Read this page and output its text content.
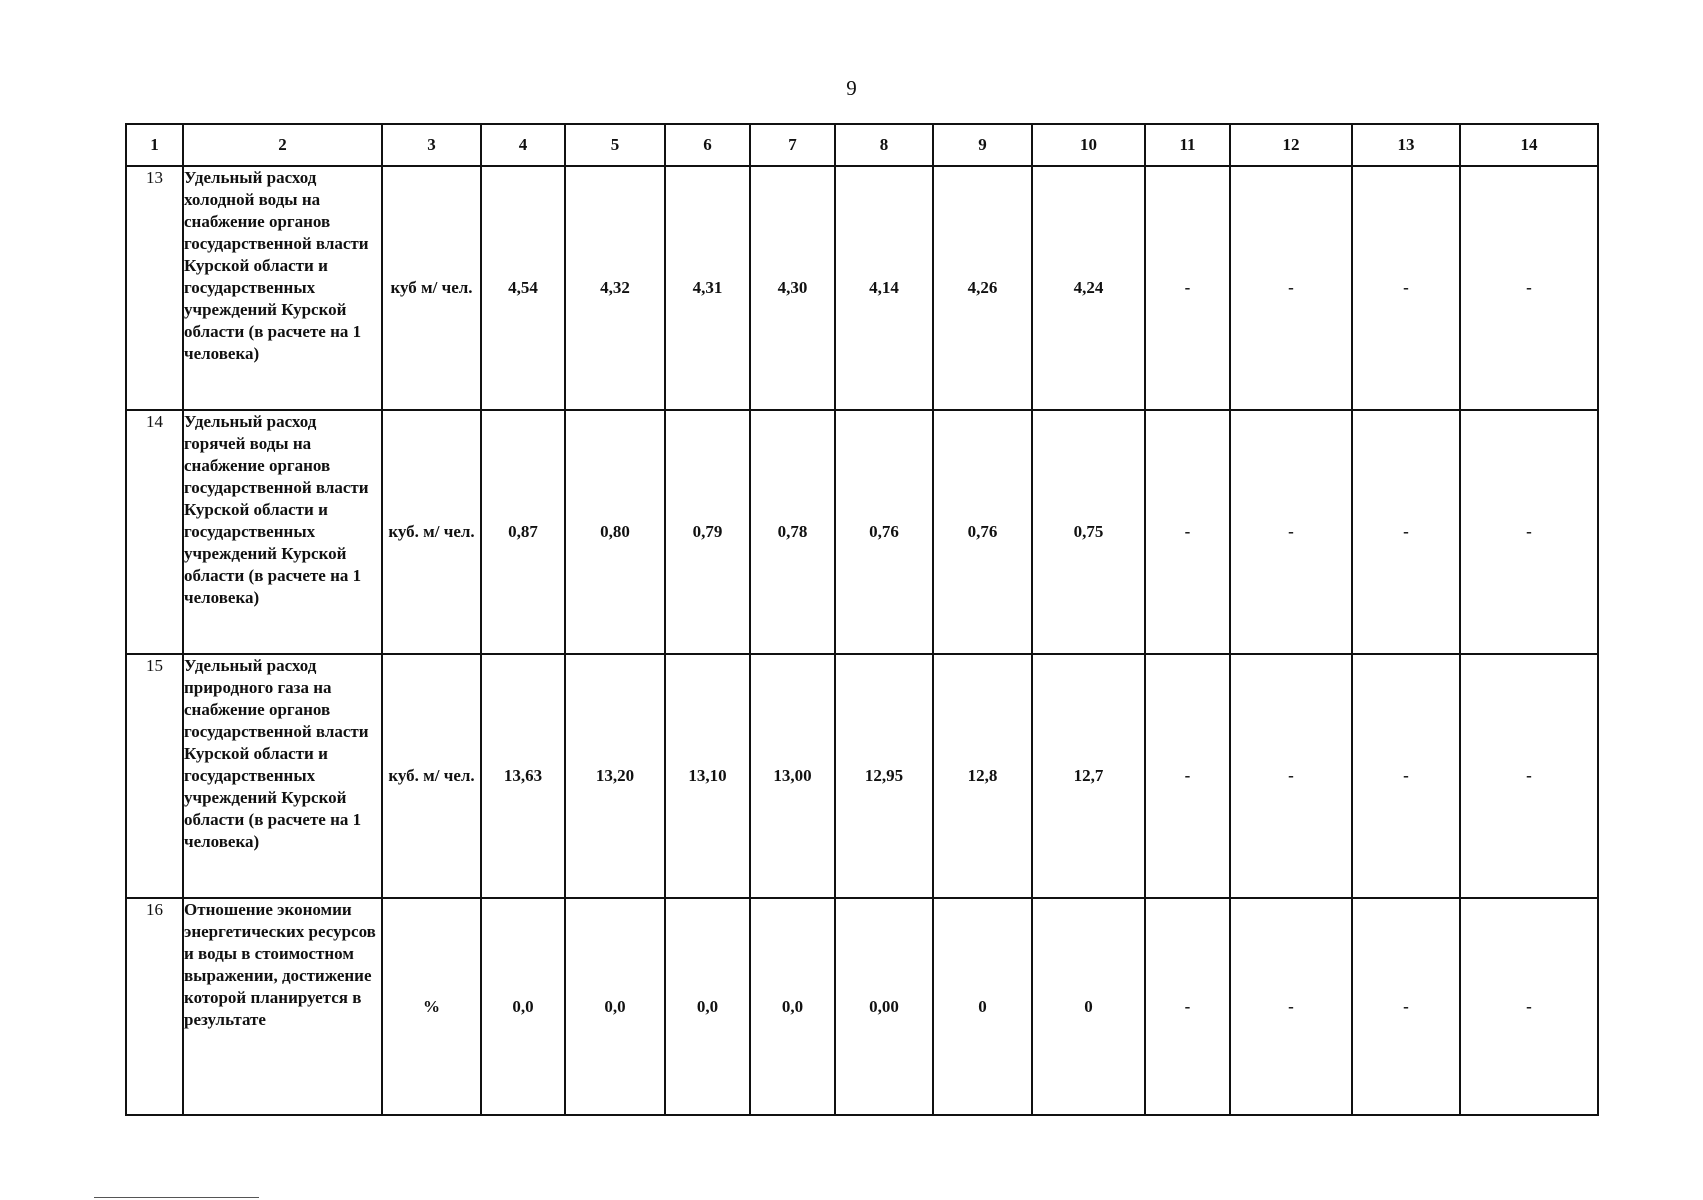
9
1	2	3	4	5	6	7	8	9	10	11	12	13	14
13	Удельный расход холодной воды на снабжение органов государственной власти Курской области и государственных учреждений Курской области (в расчете на 1 человека)	куб м/ чел.	4,54	4,32	4,31	4,30	4,14	4,26	4,24	-	-	-	-
14	Удельный расход горячей воды на снабжение органов государственной власти Курской области и государственных учреждений Курской области (в расчете на 1 человека)	куб. м/ чел.	0,87	0,80	0,79	0,78	0,76	0,76	0,75	-	-	-	-
15	Удельный расход природного газа на снабжение органов государственной власти Курской области и государственных учреждений Курской области (в расчете на 1 человека)	куб. м/ чел.	13,63	13,20	13,10	13,00	12,95	12,8	12,7	-	-	-	-
16	Отношение экономии энергетических ресурсов и воды в стоимостном выражении, достижение которой планируется в результате	%	0,0	0,0	0,0	0,0	0,00	0	0	-	-	-	-
